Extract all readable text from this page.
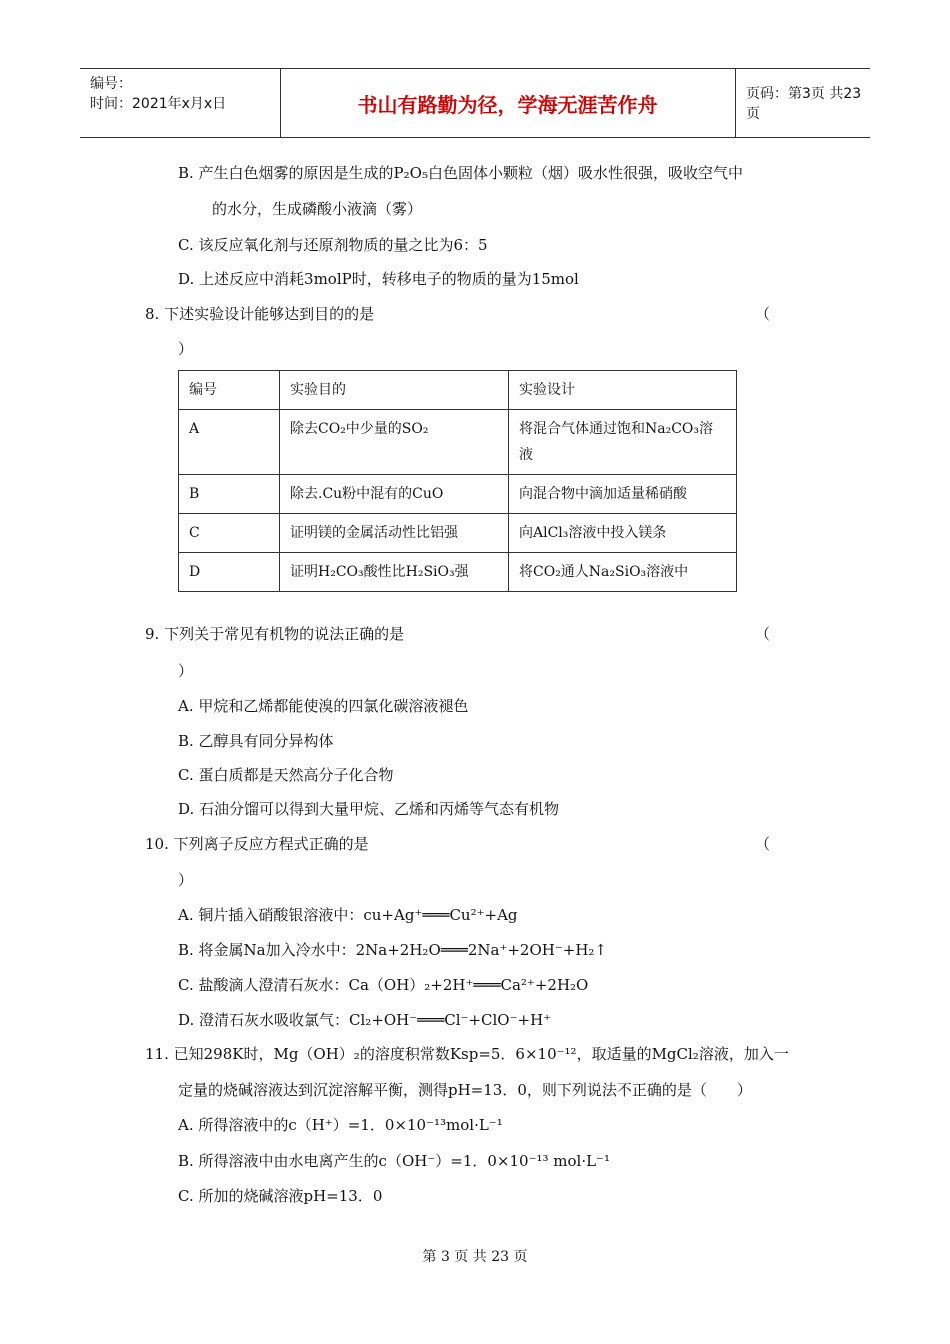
编号：
时间：2021年x月x日	书山有路勤为径，学海无涯苦作舟	页码：第3页 共23页
B. 产生白色烟雾的原因是生成的P₂O₅白色固体小颗粒（烟）吸水性很强，吸收空气中
的水分，生成磷酸小液滴（雾）
C. 该反应氧化剂与还原剂物质的量之比为6：5
D. 上述反应中消耗3molP时，转移电子的物质的量为15mol
8. 下述实验设计能够达到目的的是	（
）
编号	实验目的	实验设计
A	除去CO₂中少量的SO₂	将混合气体通过饱和Na₂CO₃溶液
B	除去.Cu粉中混有的CuO	向混合物中滴加适量稀硝酸
C	证明镁的金属活动性比铝强	向AlCl₃溶液中投入镁条
D	证明H₂CO₃酸性比H₂SiO₃强	将CO₂通人Na₂SiO₃溶液中
9. 下列关于常见有机物的说法正确的是	（
）
A. 甲烷和乙烯都能使溴的四氯化碳溶液褪色
B. 乙醇具有同分异构体
C. 蛋白质都是天然高分子化合物
D. 石油分馏可以得到大量甲烷、乙烯和丙烯等气态有机物
10. 下列离子反应方程式正确的是	（
）
A. 铜片插入硝酸银溶液中：cu+Ag⁺═══Cu²⁺+Ag
B. 将金属Na加入冷水中：2Na+2H₂O═══2Na⁺+2OH⁻+H₂↑
C. 盐酸滴人澄清石灰水：Ca（OH）₂+2H⁺═══Ca²⁺+2H₂O
D. 澄清石灰水吸收氯气：Cl₂+OH⁻═══Cl⁻+ClO⁻+H⁺
11. 已知298K时，Mg（OH）₂的溶度积常数Ksp=5．6×10⁻¹²，取适量的MgCl₂溶液，加入一
定量的烧碱溶液达到沉淀溶解平衡，测得pH=13．0，则下列说法不正确的是（　　）
A. 所得溶液中的c（H⁺）=1．0×10⁻¹³mol·L⁻¹
B. 所得溶液中由水电离产生的c（OH⁻）=1．0×10⁻¹³ mol·L⁻¹
C. 所加的烧碱溶液pH=13．0
第 3 页 共 23 页
